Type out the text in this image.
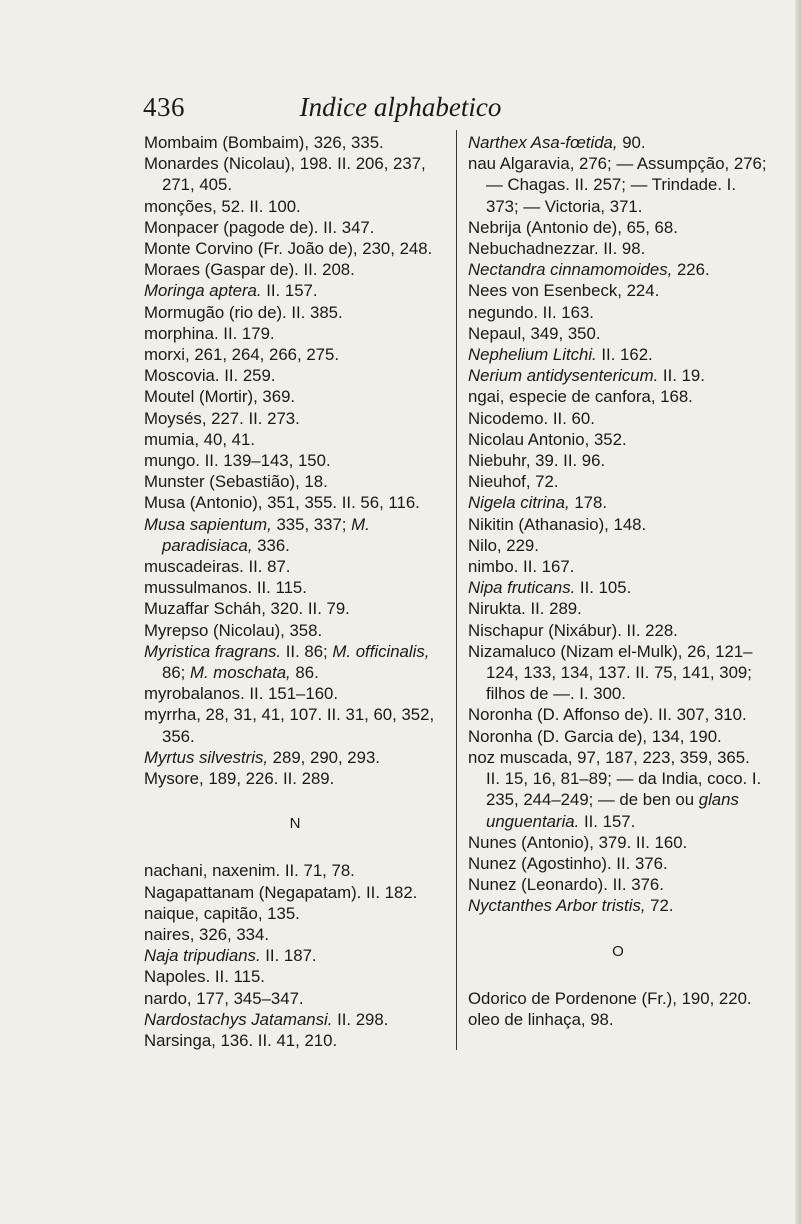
436	Indice alphabetico

Mombaim (Bombaim), 326, 335.

Monardes (Nicolau), 198. II. 206, 237, 271, 405.

monções, 52. II. 100.

Monpacer (pagode de). II. 347.

Monte Corvino (Fr. João de), 230, 248.

Moraes (Gaspar de). II. 208.

Moringa aptera. II. 157.

Mormugão (rio de). II. 385.

morphina. II. 179.

morxi, 261, 264, 266, 275.

Moscovia. II. 259.

Moutel (Mortir), 369.

Moysés, 227. II. 273.

mumia, 40, 41.

mungo. II. 139–143, 150.

Munster (Sebastião), 18.

Musa (Antonio), 351, 355. II. 56, 116.

Musa sapientum, 335, 337; M. paradisiaca, 336.

muscadeiras. II. 87.

mussulmanos. II. 115.

Muzaffar Scháh, 320. II. 79.

Myrepso (Nicolau), 358.

Myristica fragrans. II. 86; M. officinalis, 86; M. moschata, 86.

myrobalanos. II. 151–160.

myrrha, 28, 31, 41, 107. II. 31, 60, 352, 356.

Myrtus silvestris, 289, 290, 293.

Mysore, 189, 226. II. 289.

N

nachani, naxenim. II. 71, 78.

Nagapattanam (Negapatam). II. 182.

naique, capitão, 135.

naires, 326, 334.

Naja tripudians. II. 187.

Napoles. II. 115.

nardo, 177, 345–347.

Nardostachys Jatamansi. II. 298.

Narsinga, 136. II. 41, 210.

Narthex Asa-fœtida, 90.

nau Algaravia, 276; — Assumpção, 276; — Chagas. II. 257; — Trindade. I. 373; — Victoria, 371.

Nebrija (Antonio de), 65, 68.

Nebuchadnezzar. II. 98.

Nectandra cinnamomoides, 226.

Nees von Esenbeck, 224.

negundo. II. 163.

Nepaul, 349, 350.

Nephelium Litchi. II. 162.

Nerium antidysentericum. II. 19.

ngai, especie de canfora, 168.

Nicodemo. II. 60.

Nicolau Antonio, 352.

Niebuhr, 39. II. 96.

Nieuhof, 72.

Nigela citrina, 178.

Nikitin (Athanasio), 148.

Nilo, 229.

nimbo. II. 167.

Nipa fruticans. II. 105.

Nirukta. II. 289.

Nischapur (Nixábur). II. 228.

Nizamaluco (Nizam el-Mulk), 26, 121–124, 133, 134, 137. II. 75, 141, 309; filhos de —. I. 300.

Noronha (D. Affonso de). II. 307, 310.

Noronha (D. Garcia de), 134, 190.

noz muscada, 97, 187, 223, 359, 365. II. 15, 16, 81–89; — da India, coco. I. 235, 244–249; — de ben ou glans unguentaria. II. 157.

Nunes (Antonio), 379. II. 160.

Nunez (Agostinho). II. 376.

Nunez (Leonardo). II. 376.

Nyctanthes Arbor tristis, 72.

O

Odorico de Pordenone (Fr.), 190, 220.

oleo de linhaça, 98.
